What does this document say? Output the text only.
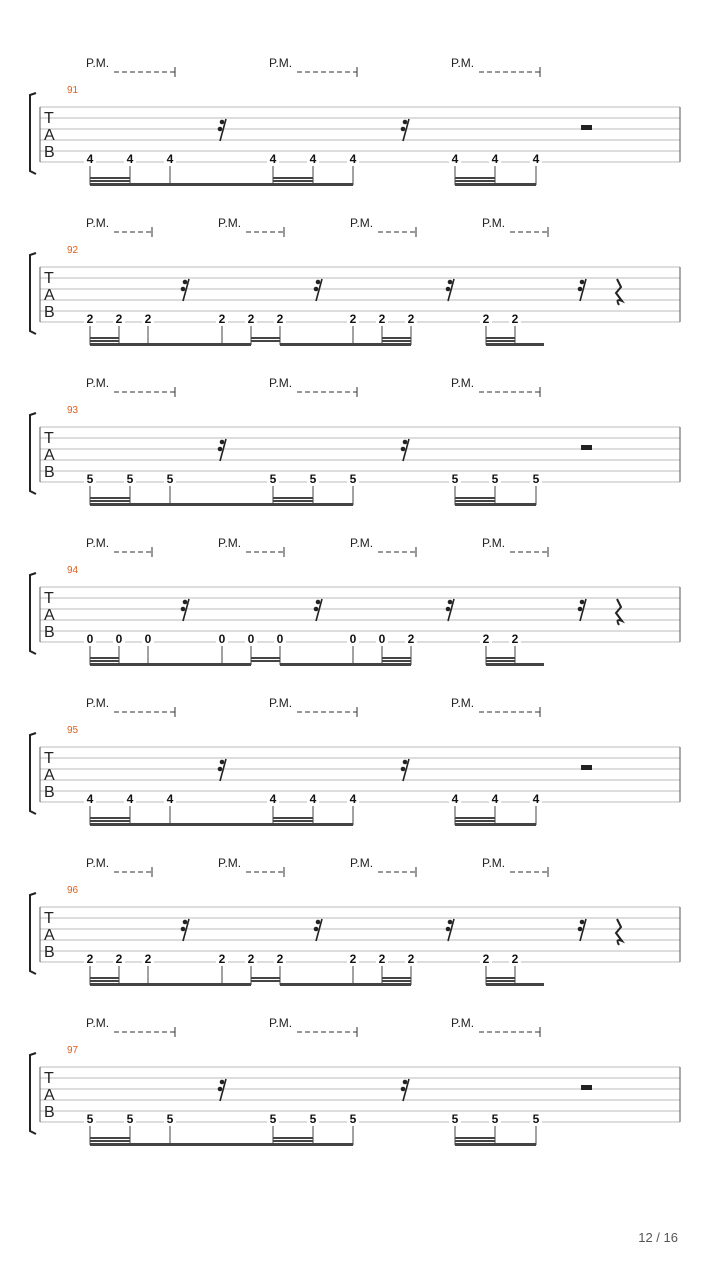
P.M.	P.M.	P.M.
91
T
A
B	4	4	4	4	4	4	4	4	4
P.M.	P.M.	P.M.	P.M.
92
T
A
B	2 2 2	2 2 2	2 2 2	2 2
P.M.	P.M.	P.M.
93
T
A
B	5	5	5	5	5	5	5	5	5
P.M.	P.M.	P.M.	P.M.
94
T
A
B	0 0 0	0 0 0	0 0 2	2 2
P.M.	P.M.	P.M.
95
T
A
B	4	4	4	4	4	4	4	4	4
P.M.	P.M.	P.M.	P.M.
96
T
A
B	2 2 2	2 2 2	2 2 2	2 2
P.M.	P.M.	P.M.
97
T
A
B	5	5	5	5	5	5	5	5	5
12 / 16
